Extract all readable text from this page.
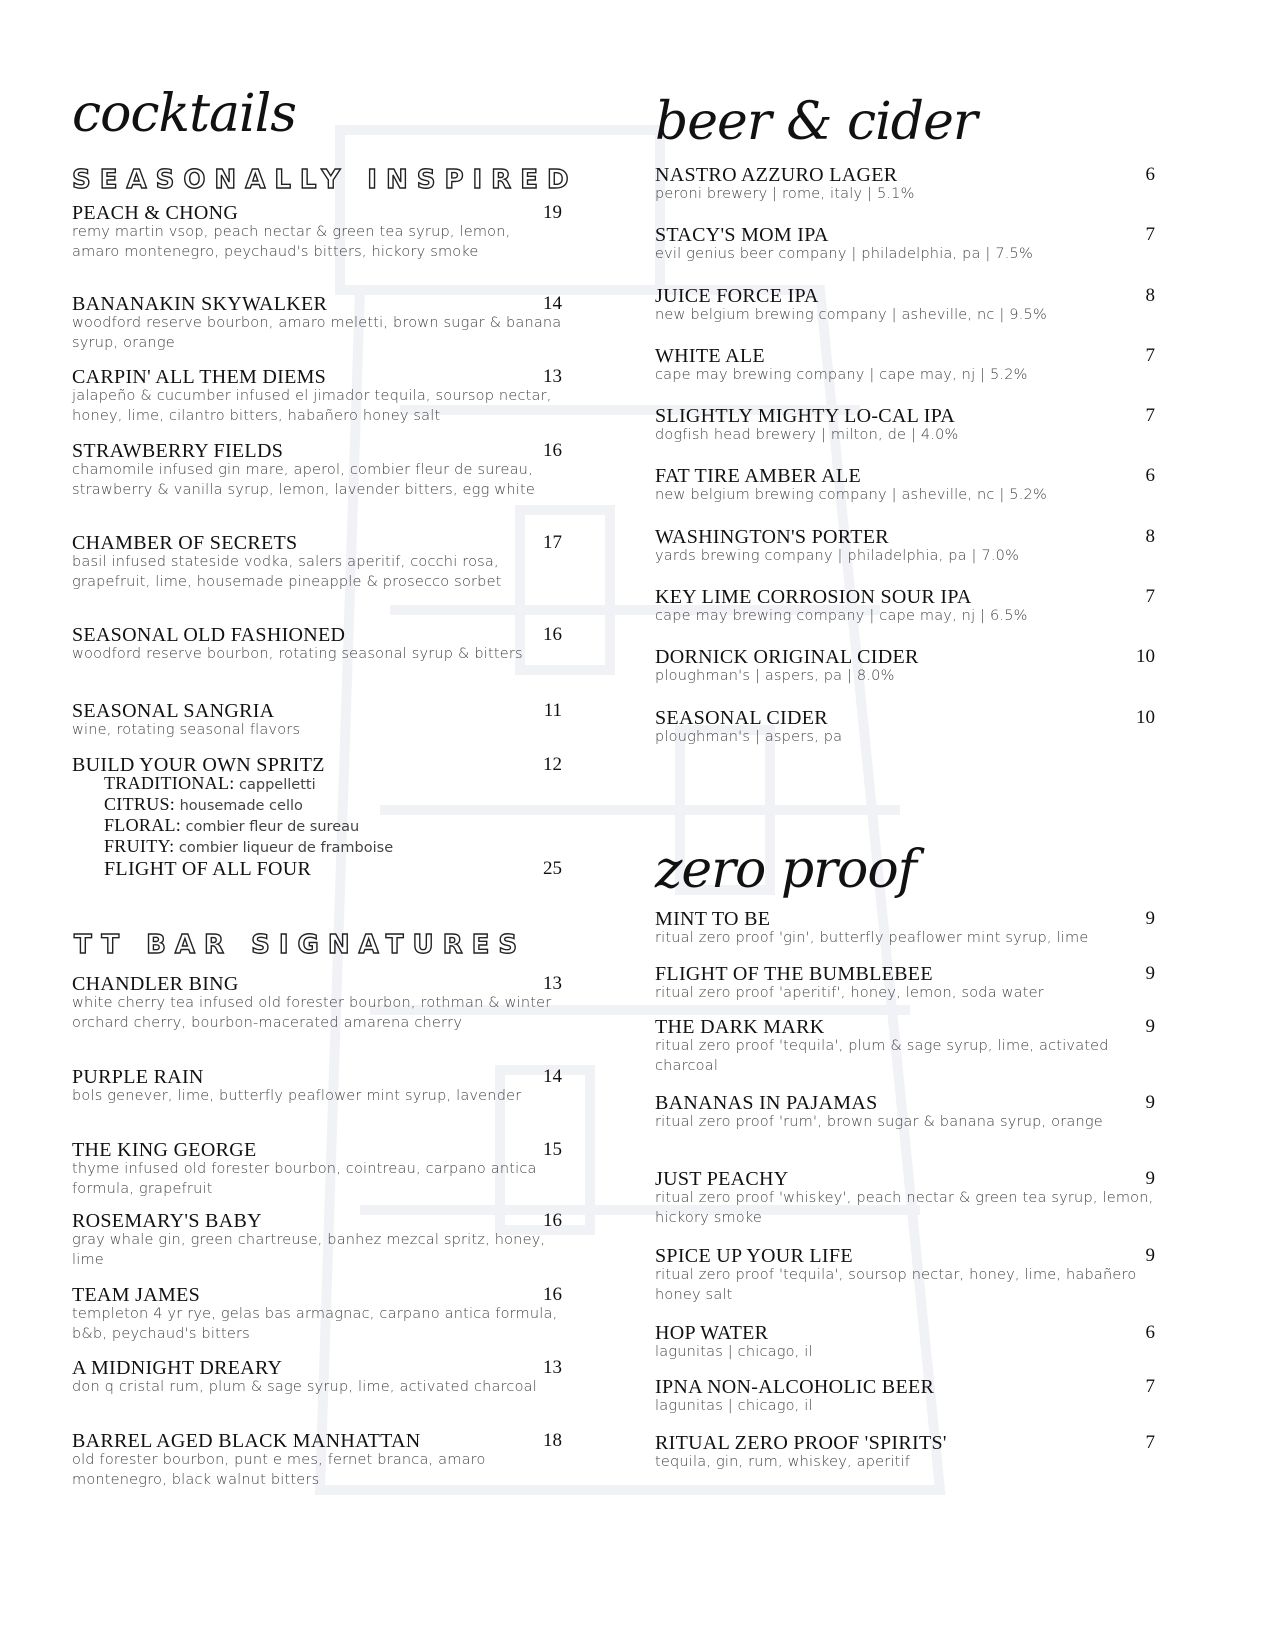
cocktails
SEASONALLY INSPIRED
PEACH & CHONG	19
remy martin vsop, peach nectar & green tea syrup, lemon, amaro montenegro, peychaud's bitters, hickory smoke
BANANAKIN SKYWALKER	14
woodford reserve bourbon, amaro meletti, brown sugar & banana syrup, orange
CARPIN' ALL THEM DIEMS	13
jalapeño & cucumber infused el jimador tequila, soursop nectar, honey, lime, cilantro bitters, habañero honey salt
STRAWBERRY FIELDS	16
chamomile infused gin mare, aperol, combier fleur de sureau, strawberry & vanilla syrup, lemon, lavender bitters, egg white
CHAMBER OF SECRETS	17
basil infused stateside vodka, salers aperitif, cocchi rosa, grapefruit, lime, housemade pineapple & prosecco sorbet
SEASONAL OLD FASHIONED	16
woodford reserve bourbon, rotating seasonal syrup & bitters
SEASONAL SANGRIA	11
wine, rotating seasonal flavors
BUILD YOUR OWN SPRITZ	12
TRADITIONAL: cappelletti
CITRUS: housemade cello
FLORAL: combier fleur de sureau
FRUITY: combier liqueur de framboise
FLIGHT OF ALL FOUR	25
TT BAR SIGNATURES
CHANDLER BING	13
white cherry tea infused old forester bourbon, rothman & winter orchard cherry, bourbon-macerated amarena cherry
PURPLE RAIN	14
bols genever, lime, butterfly peaflower mint syrup, lavender
THE KING GEORGE	15
thyme infused old forester bourbon, cointreau, carpano antica formula, grapefruit
ROSEMARY'S BABY	16
gray whale gin, green chartreuse, banhez mezcal spritz, honey, lime
TEAM JAMES	16
templeton 4 yr rye, gelas bas armagnac, carpano antica formula, b&b, peychaud's bitters
A MIDNIGHT DREARY	13
don q cristal rum, plum & sage syrup, lime, activated charcoal
BARREL AGED BLACK MANHATTAN	18
old forester bourbon, punt e mes, fernet branca, amaro montenegro, black walnut bitters
beer & cider
NASTRO AZZURO LAGER	6
peroni brewery | rome, italy | 5.1%
STACY'S MOM IPA	7
evil genius beer company | philadelphia, pa | 7.5%
JUICE FORCE IPA	8
new belgium brewing company | asheville, nc | 9.5%
WHITE ALE	7
cape may brewing company | cape may, nj | 5.2%
SLIGHTLY MIGHTY LO-CAL IPA	7
dogfish head brewery | milton, de | 4.0%
FAT TIRE AMBER ALE	6
new belgium brewing company | asheville, nc | 5.2%
WASHINGTON'S PORTER	8
yards brewing company | philadelphia, pa | 7.0%
KEY LIME CORROSION SOUR IPA	7
cape may brewing company | cape may, nj | 6.5%
DORNICK ORIGINAL CIDER	10
ploughman's | aspers, pa | 8.0%
SEASONAL CIDER	10
ploughman's | aspers, pa
zero proof
MINT TO BE	9
ritual zero proof 'gin', butterfly peaflower mint syrup, lime
FLIGHT OF THE BUMBLEBEE	9
ritual zero proof 'aperitif', honey, lemon, soda water
THE DARK MARK	9
ritual zero proof 'tequila', plum & sage syrup, lime, activated charcoal
BANANAS IN PAJAMAS	9
ritual zero proof 'rum', brown sugar & banana syrup, orange
JUST PEACHY	9
ritual zero proof 'whiskey', peach nectar & green tea syrup, lemon, hickory smoke
SPICE UP YOUR LIFE	9
ritual zero proof 'tequila', soursop nectar, honey, lime, habañero honey salt
HOP WATER	6
lagunitas | chicago, il
IPNA NON-ALCOHOLIC BEER	7
lagunitas | chicago, il
RITUAL ZERO PROOF 'SPIRITS'	7
tequila, gin, rum, whiskey, aperitif
